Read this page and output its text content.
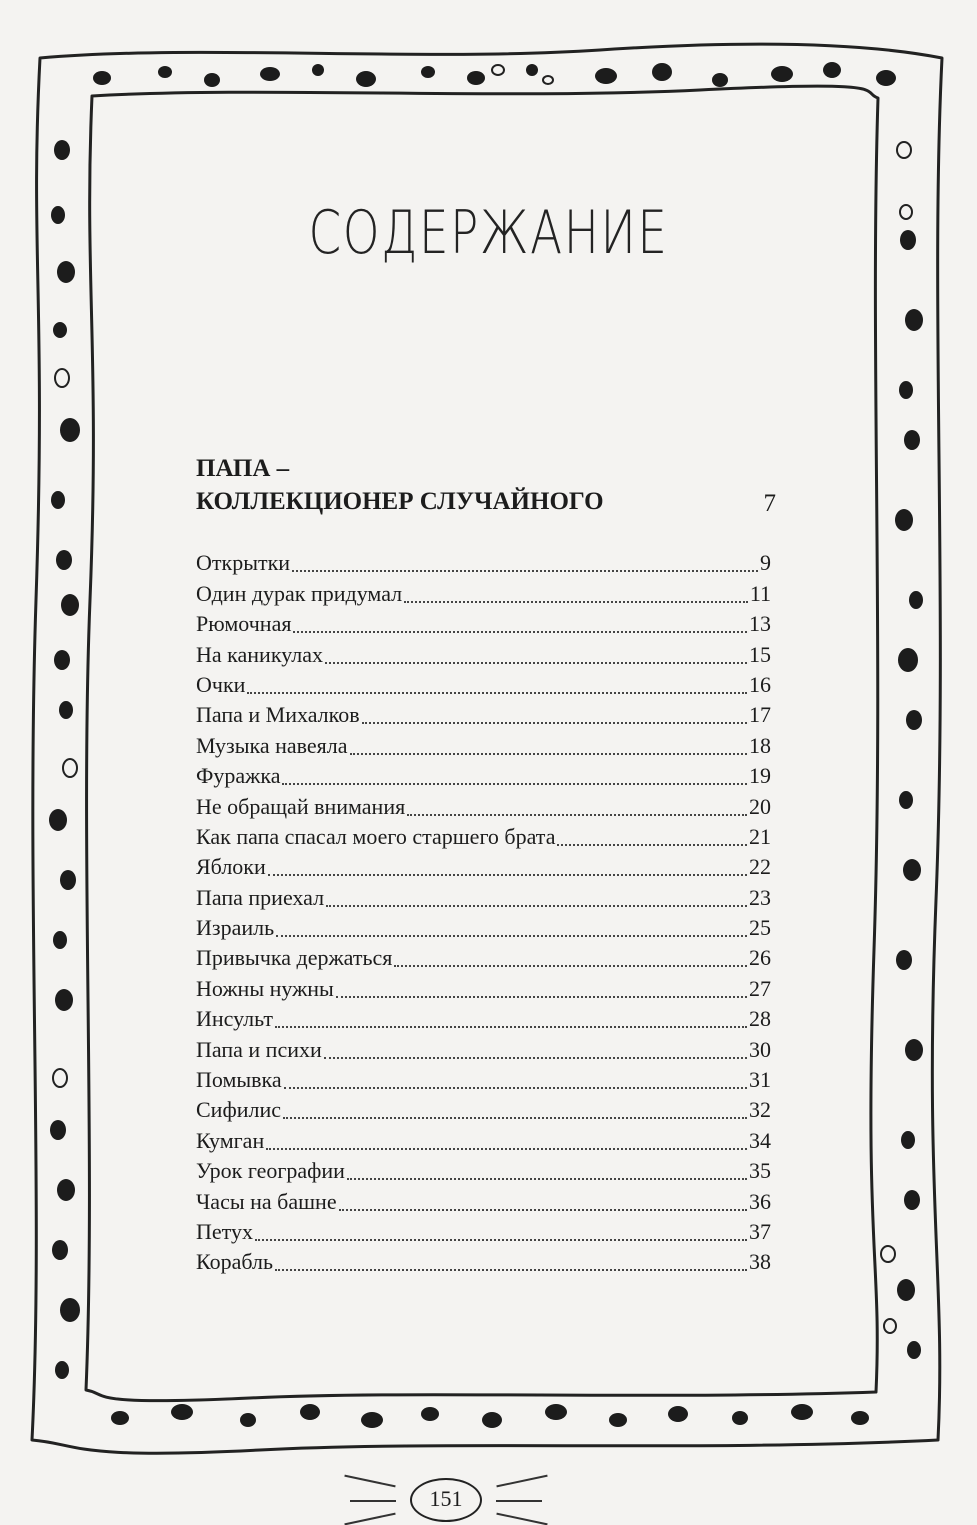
СОДЕРЖАНИЕ
ПАПА –
КОЛЛЕКЦИОНЕР СЛУЧАЙНОГО	7
Открытки	9
Один дурак придумал	11
Рюмочная	13
На каникулах	15
Очки	16
Папа и Михалков	17
Музыка навеяла	18
Фуражка	19
Не обращай внимания	20
Как папа спасал моего старшего брата	21
Яблоки	22
Папа приехал	23
Израиль	25
Привычка держаться	26
Ножны нужны	27
Инсульт	28
Папа и психи	30
Помывка	31
Сифилис	32
Кумган	34
Урок географии	35
Часы на башне	36
Петух	37
Корабль	38
151
